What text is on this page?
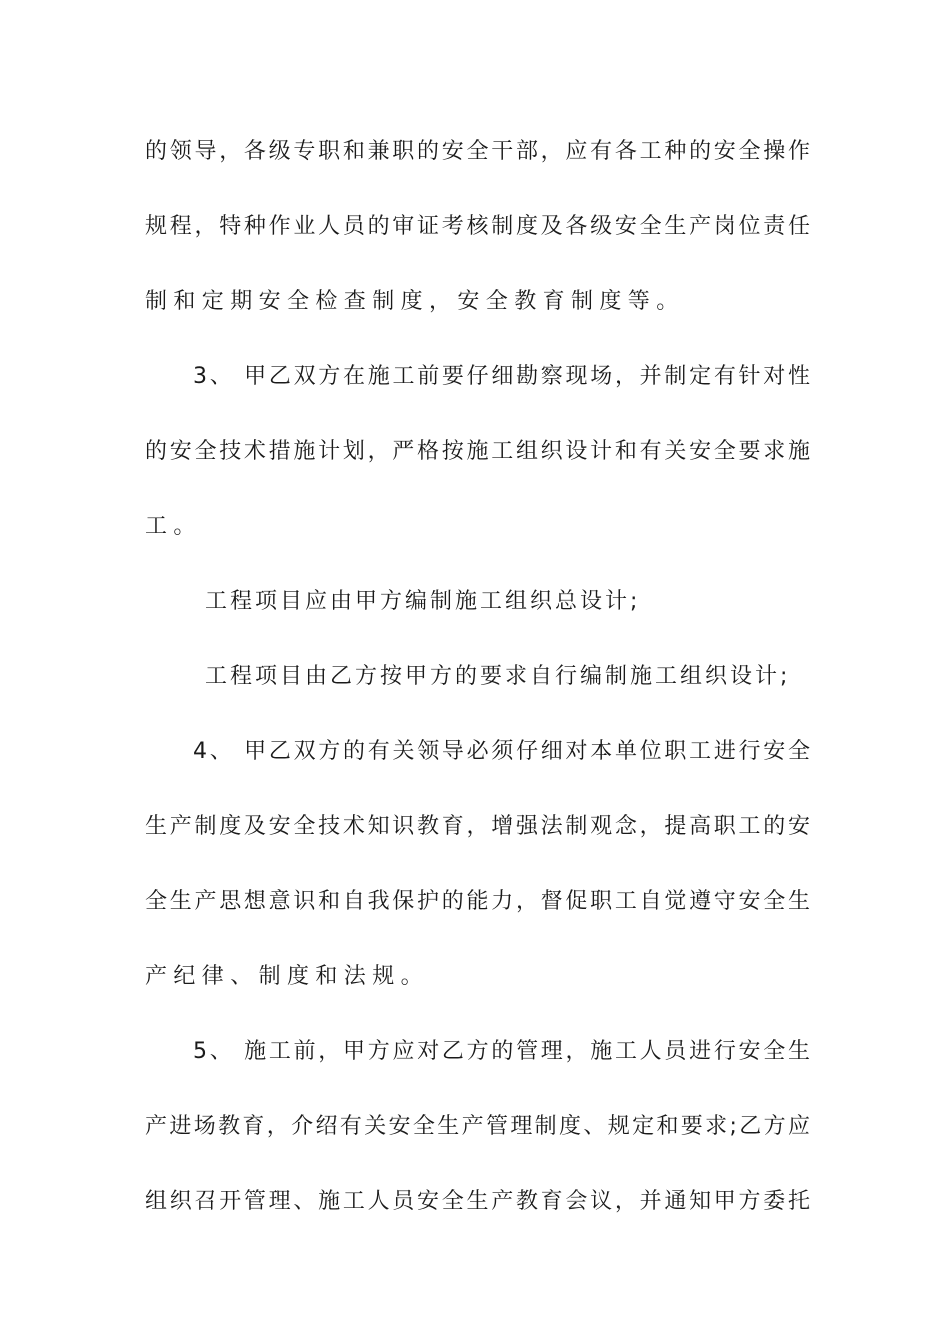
的领导，各级专职和兼职的安全干部，应有各工种的安全操作
规程，特种作业人员的审证考核制度及各级安全生产岗位责任
制和定期安全检查制度，安全教育制度等。
3、 甲乙双方在施工前要仔细勘察现场，并制定有针对性
的安全技术措施计划，严格按施工组织设计和有关安全要求施
工。
工程项目应由甲方编制施工组织总设计;
工程项目由乙方按甲方的要求自行编制施工组织设计;
4、 甲乙双方的有关领导必须仔细对本单位职工进行安全
生产制度及安全技术知识教育，增强法制观念，提高职工的安
全生产思想意识和自我保护的能力，督促职工自觉遵守安全生
产纪律、制度和法规。
5、 施工前，甲方应对乙方的管理，施工人员进行安全生
产进场教育，介绍有关安全生产管理制度、规定和要求;乙方应
组织召开管理、施工人员安全生产教育会议，并通知甲方委托
